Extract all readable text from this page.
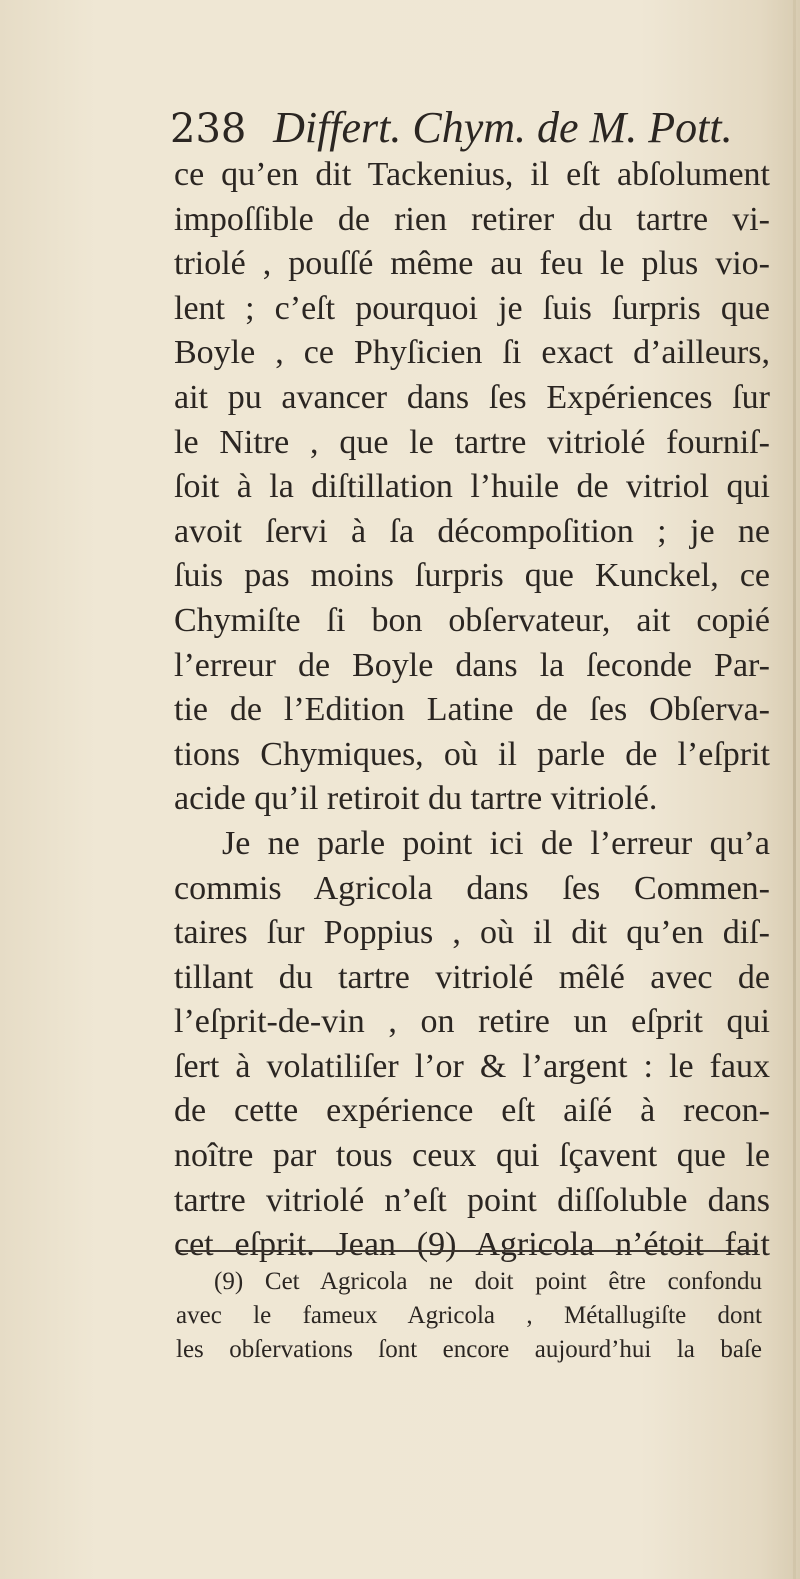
238 Differt. Chym. de M. Pott.
ce qu’en dit Tackenius, il eſt abſolument
impoſſible de rien retirer du tartre vi-
triolé , pouſſé même au feu le plus vio-
lent ; c’eſt pourquoi je ſuis ſurpris que
Boyle , ce Phyſicien ſi exact d’ailleurs,
ait pu avancer dans ſes Expériences ſur
le Nitre , que le tartre vitriolé fourniſ-
ſoit à la diſtillation l’huile de vitriol qui
avoit ſervi à ſa décompoſition ; je ne
ſuis pas moins ſurpris que Kunckel, ce
Chymiſte ſi bon obſervateur, ait copié
l’erreur de Boyle dans la ſeconde Par-
tie de l’Edition Latine de ſes Obſerva-
tions Chymiques, où il parle de l’eſprit
acide qu’il retiroit du tartre vitriolé.
Je ne parle point ici de l’erreur qu’a
commis Agricola dans ſes Commen-
taires ſur Poppius , où il dit qu’en diſ-
tillant du tartre vitriolé mêlé avec de
l’eſprit-de-vin , on retire un eſprit qui
ſert à volatiliſer l’or & l’argent : le faux
de cette expérience eſt aiſé à recon-
noître par tous ceux qui ſçavent que le
tartre vitriolé n’eſt point diſſoluble dans
cet eſprit. Jean (9) Agricola n’étoit fait
(9) Cet Agricola ne doit point être confondu
avec le fameux Agricola , Métallugiſte dont
les obſervations ſont encore aujourd’hui la baſe
